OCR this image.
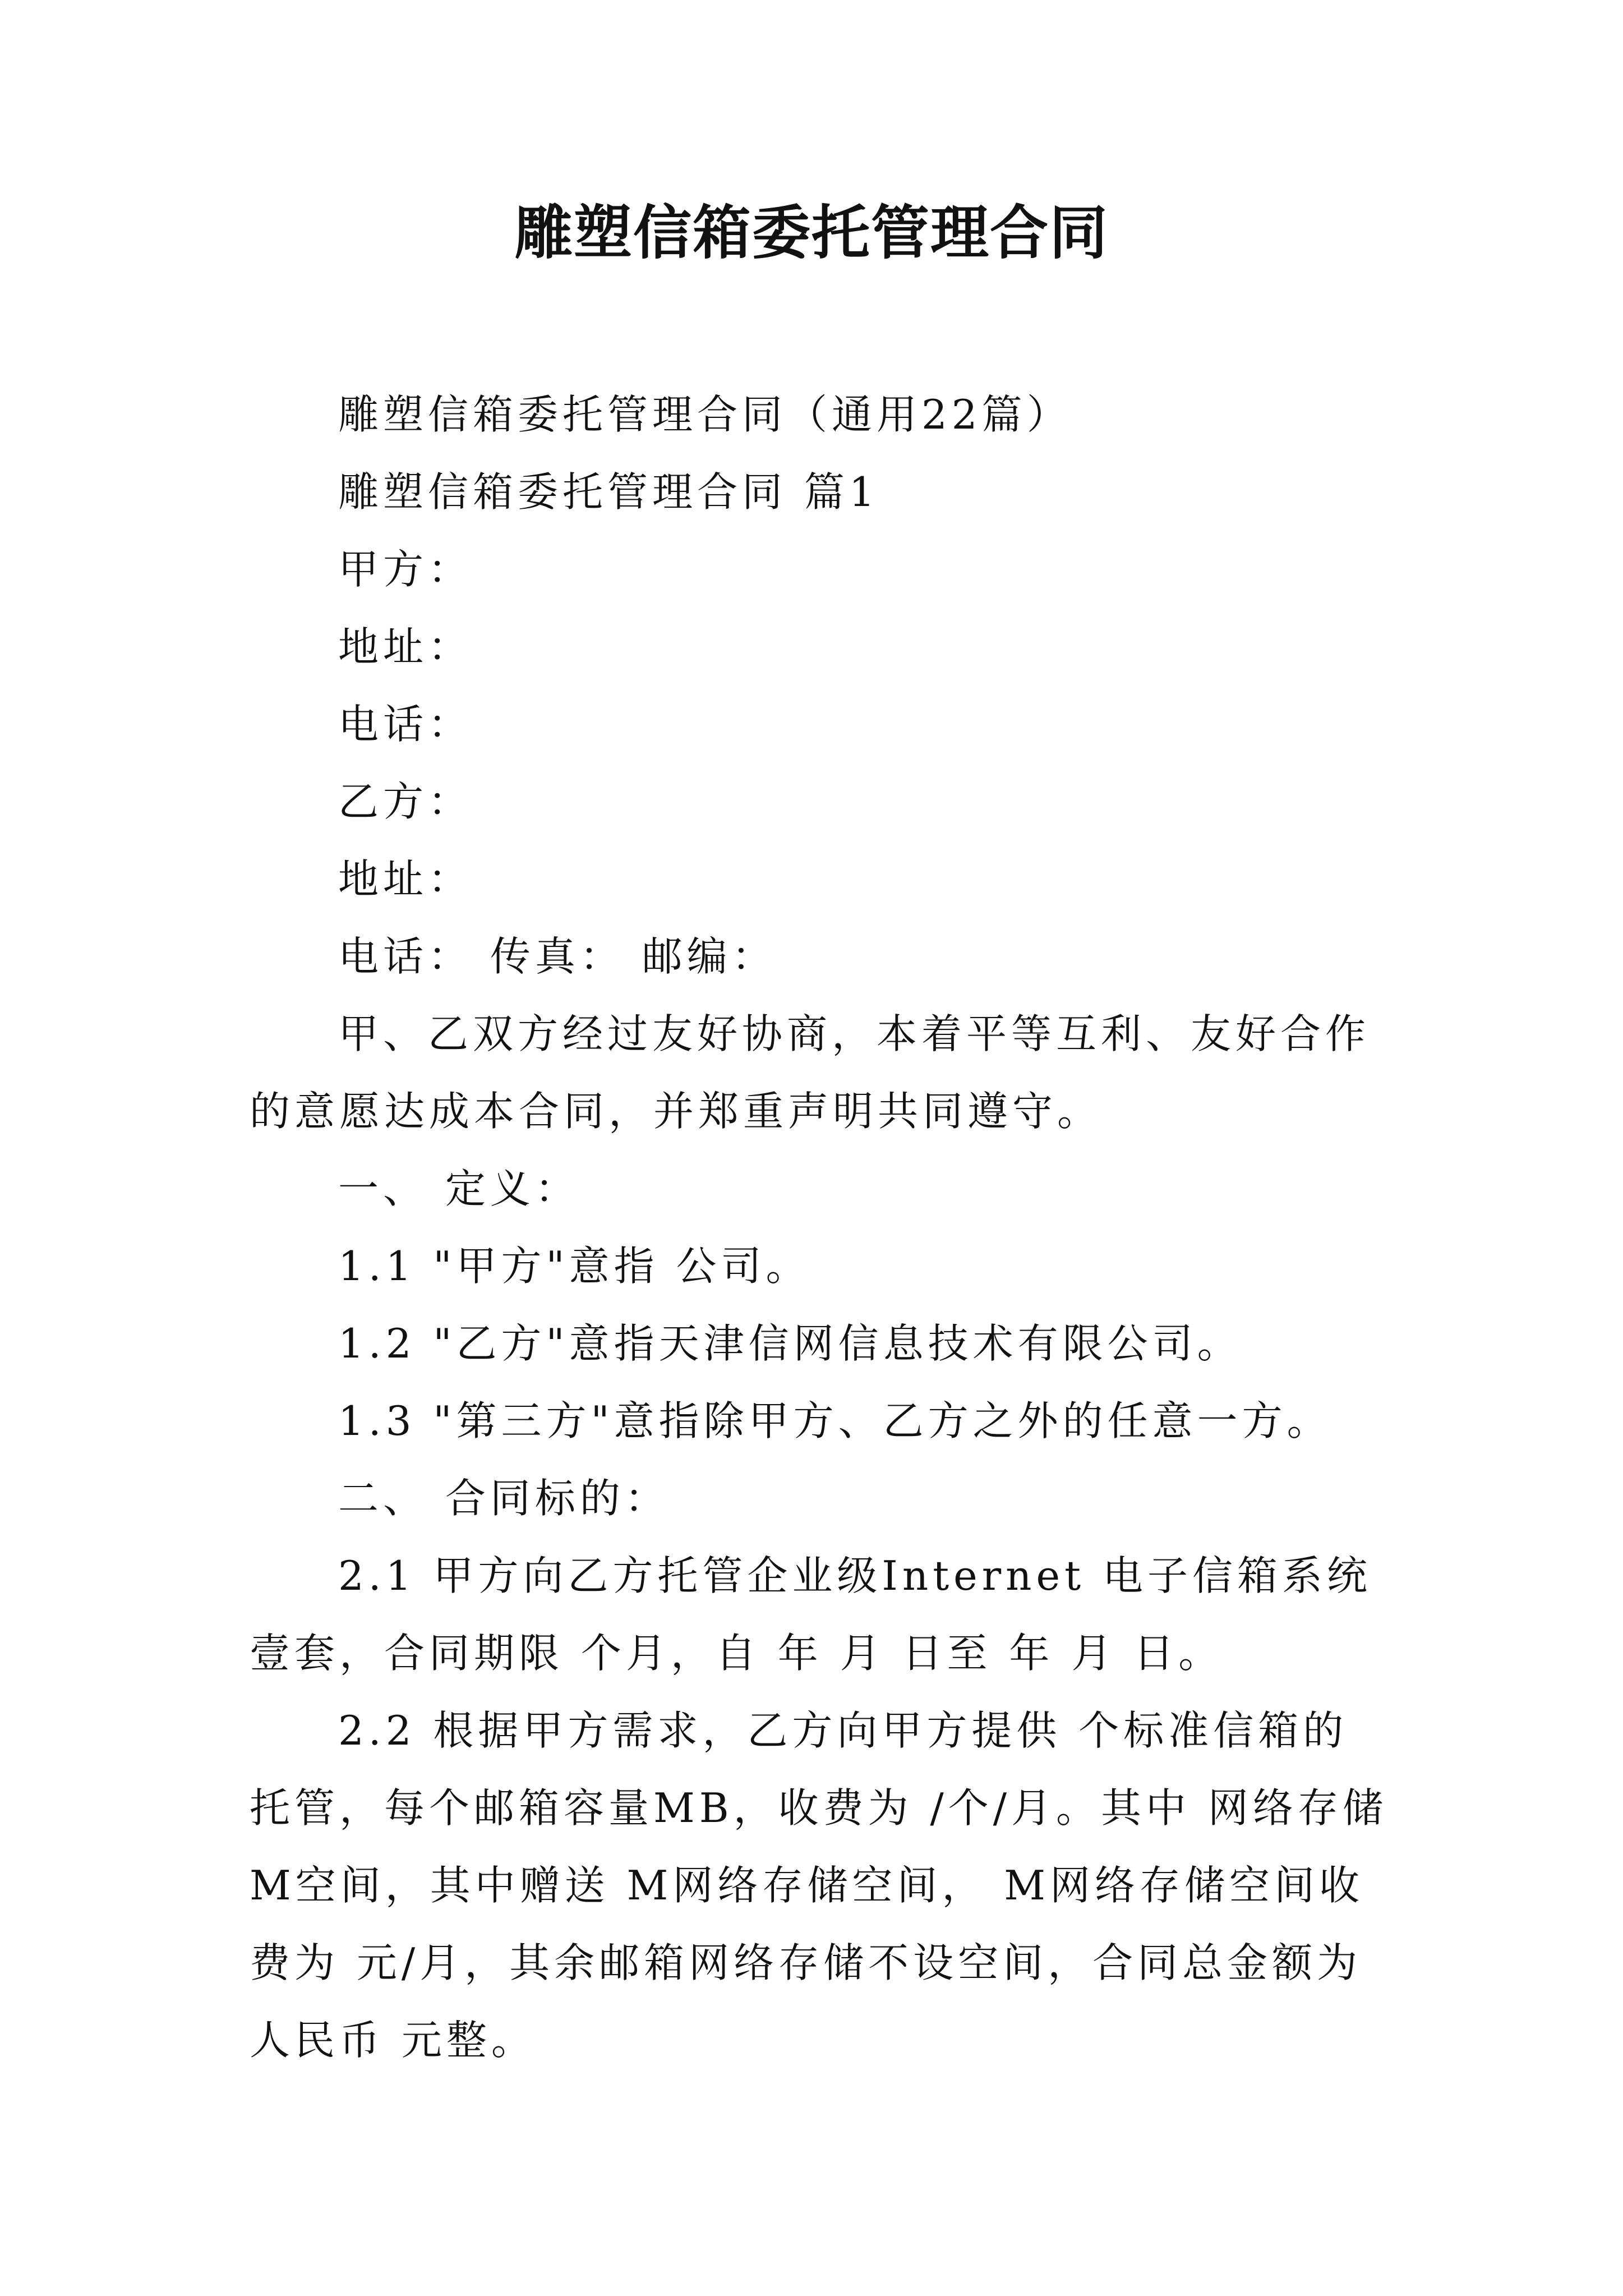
雕塑信箱委托管理合同

雕塑信箱委托管理合同（通用22篇）

雕塑信箱委托管理合同 篇1

甲方：

地址：

电话：

乙方：

地址：

电话： 传真： 邮编：

甲、乙双方经过友好协商，本着平等互利、友好合作的意愿达成本合同，并郑重声明共同遵守。

一、 定义：

1.1 "甲方"意指 公司。

1.2 "乙方"意指天津信网信息技术有限公司。

1.3 "第三方"意指除甲方、乙方之外的任意一方。

二、 合同标的：

2.1 甲方向乙方托管企业级Internet 电子信箱系统壹套，合同期限 个月，自 年 月 日至 年 月 日。

2.2 根据甲方需求，乙方向甲方提供 个标准信箱的托管，每个邮箱容量MB，收费为 /个/月。其中 网络存储M空间，其中赠送 M网络存储空间， M网络存储空间收费为 元/月，其余邮箱网络存储不设空间，合同总金额为人民币 元整。
